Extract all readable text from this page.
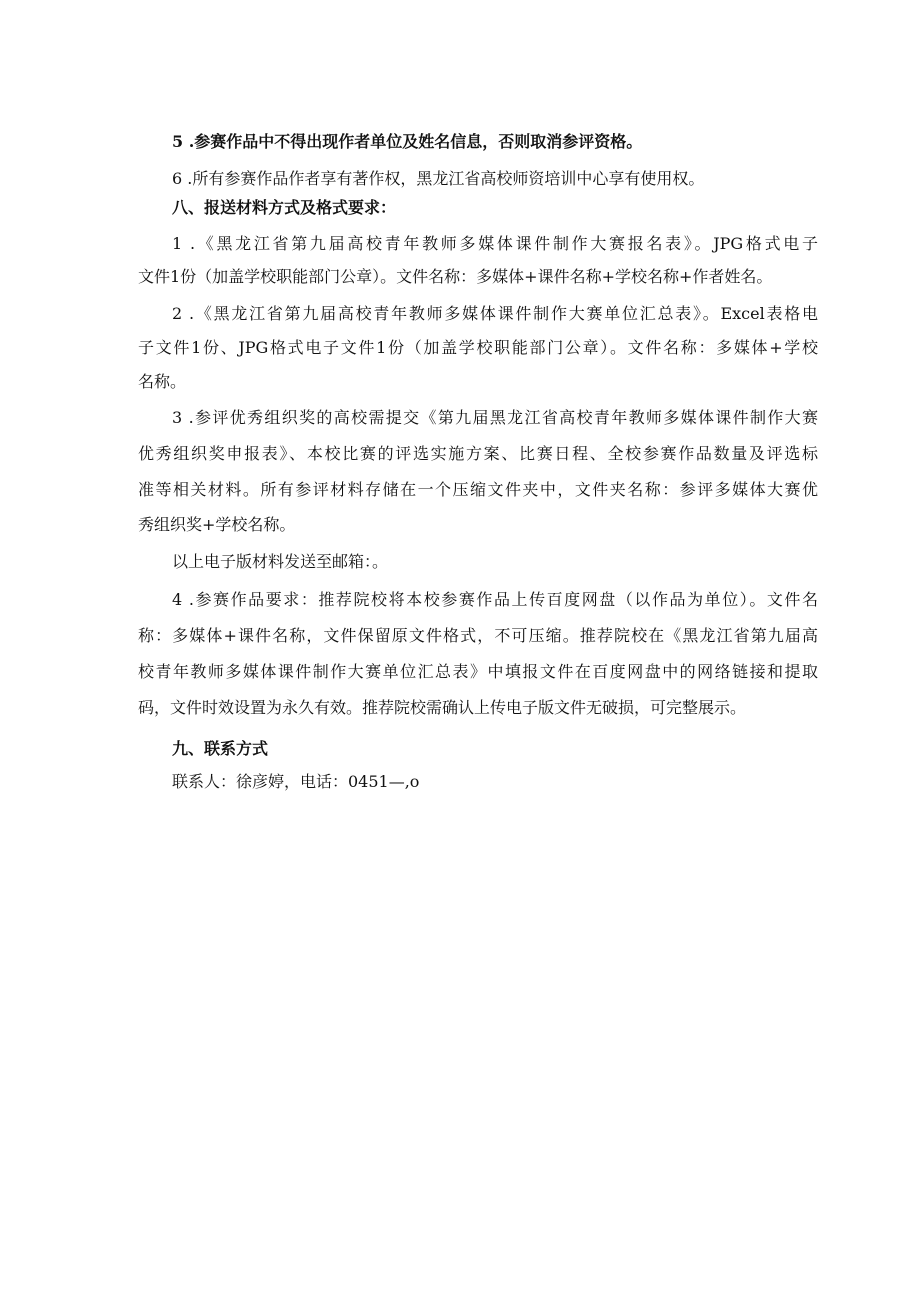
5 .参赛作品中不得出现作者单位及姓名信息，否则取消参评资格。
6 .所有参赛作品作者享有著作权，黑龙江省高校师资培训中心享有使用权。
八、报送材料方式及格式要求：
1 .《黑龙江省第九届高校青年教师多媒体课件制作大赛报名表》。JPG格式电子
文件1份（加盖学校职能部门公章）。文件名称：多媒体+课件名称+学校名称+作者姓名。
2 .《黑龙江省第九届高校青年教师多媒体课件制作大赛单位汇总表》。Excel表格电
子文件1份、JPG格式电子文件1份（加盖学校职能部门公章）。文件名称：多媒体+学校
名称。
3 .参评优秀组织奖的高校需提交《第九届黑龙江省高校青年教师多媒体课件制作大赛
优秀组织奖申报表》、本校比赛的评选实施方案、比赛日程、全校参赛作品数量及评选标
准等相关材料。所有参评材料存储在一个压缩文件夹中，文件夹名称：参评多媒体大赛优
秀组织奖+学校名称。
以上电子版材料发送至邮箱：。
4 .参赛作品要求：推荐院校将本校参赛作品上传百度网盘（以作品为单位）。文件名
称：多媒体+课件名称，文件保留原文件格式，不可压缩。推荐院校在《黑龙江省第九届高
校青年教师多媒体课件制作大赛单位汇总表》中填报文件在百度网盘中的网络链接和提取
码，文件时效设置为永久有效。推荐院校需确认上传电子版文件无破损，可完整展示。
九、联系方式
联系人：徐彦婷，电话：0451—,o
